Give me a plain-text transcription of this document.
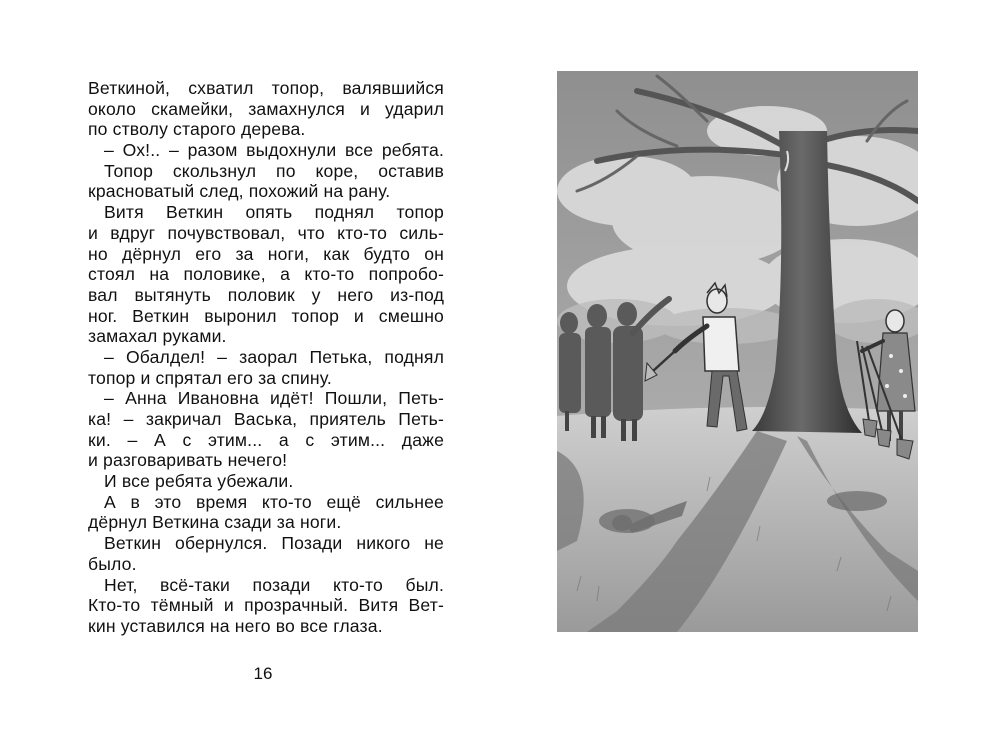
Веткиной, схватил топор, валявшийся
около скамейки, замахнулся и ударил
по стволу старого дерева.
– Ох!.. – разом выдохнули все ребята.
Топор скользнул по коре, оставив
красноватый след, похожий на рану.
Витя Веткин опять поднял топор
и вдруг почувствовал, что кто-то силь-
но дёрнул его за ноги, как будто он
стоял на половике, а кто-то попробо-
вал вытянуть половик у него из-под
ног. Веткин выронил топор и смешно
замахал руками.
– Обалдел! – заорал Петька, поднял
топор и спрятал его за спину.
– Анна Ивановна идёт! Пошли, Петь-
ка! – закричал Васька, приятель Петь-
ки. – А с этим... а с этим... даже
и разговаривать нечего!
И все ребята убежали.
А в это время кто-то ещё сильнее
дёрнул Веткина сзади за ноги.
Веткин обернулся. Позади никого не
было.
Нет, всё-таки позади кто-то был.
Кто-то тёмный и прозрачный. Витя Вет-
кин уставился на него во все глаза.
16
